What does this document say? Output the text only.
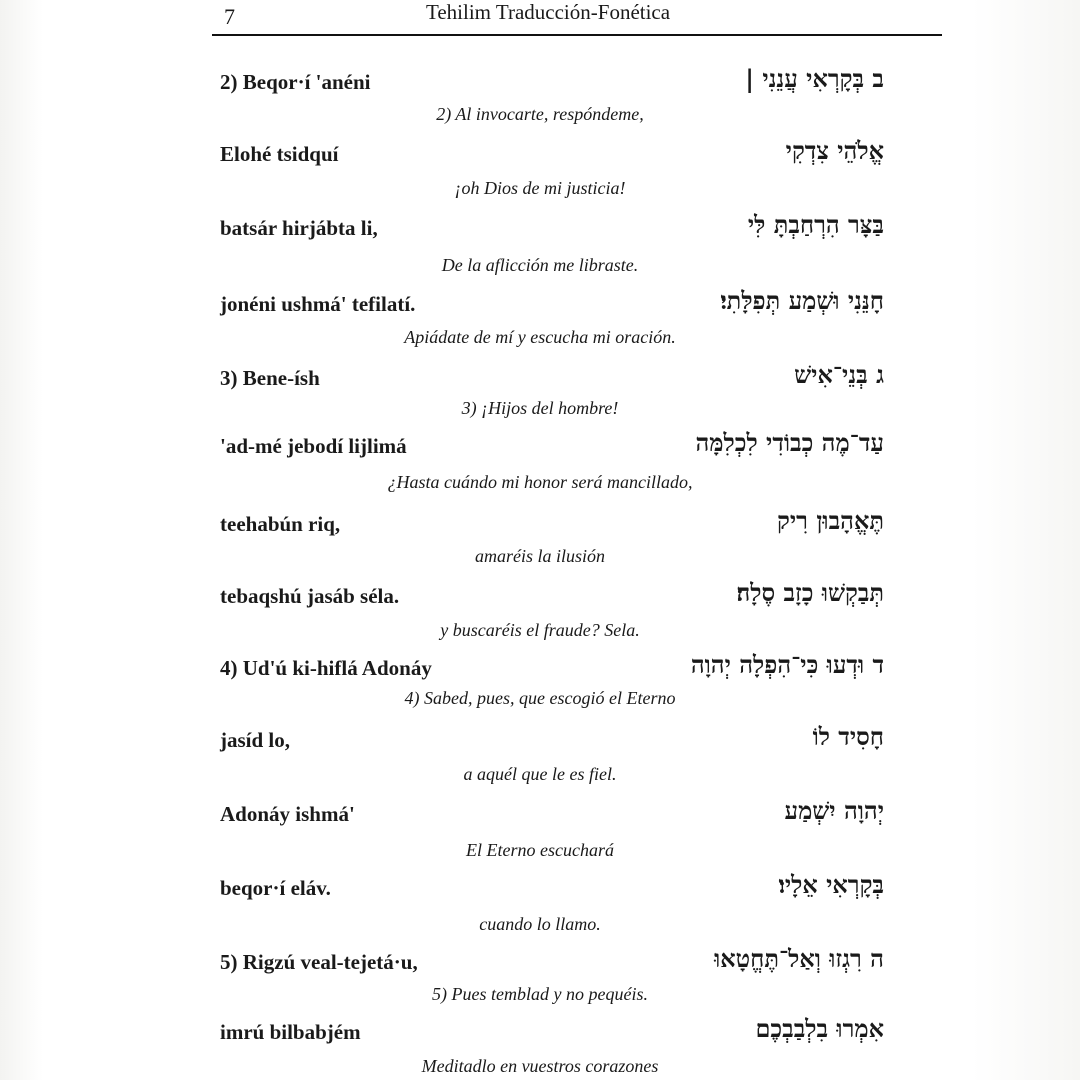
7	Tehilim Traducción-Fonética
2) Beqor·í 'anéni	ב בְּקָרְאִי עֲנֵנִי |
2) Al invocarte, respóndeme,
Elohé tsidquí	אֱלֹהֵי צִדְקִי
¡oh Dios de mi justicia!
batsár hirjábta li,	בַּצָּר הִרְחַבְתָּ לִּי
De la aflicción me libraste.
jonéni ushmá' tefilatí.	חָנֵּנִי וּשְׁמַע תְּפִלָּתִי׃
Apiádate de mí y escucha mi oración.
3) Bene-ísh	ג בְּנֵי־אִישׁ
3) ¡Hijos del hombre!
'ad-mé jebodí lijlimá	עַד־מֶה כְבוֹדִי לִכְלִמָּה
¿Hasta cuándo mi honor será mancillado,
teehabún riq,	תֶּאֱהָבוּן רִיק
amaréis la ilusión
tebaqshú jasáb séla.	תְּבַקְשׁוּ כָזָב סֶלָה׃
y buscaréis el fraude? Sela.
4) Ud'ú ki-hiflá Adonáy	ד וּדְעוּ כִּי־הִפְלָה יְהוָה
4) Sabed, pues, que escogió el Eterno
jasíd lo,	חָסִיד לוֹ
a aquél que le es fiel.
Adonáy ishmá'	יְהוָה יִשְׁמַע
El Eterno escuchará
beqor·í eláv.	בְּקָרְאִי אֵלָיו׃
cuando lo llamo.
5) Rigzú veal-tejetá·u,	ה רִגְזוּ וְאַל־תֶּחֱטָאוּ
5) Pues temblad y no pequéis.
imrú bilbabjém	אִמְרוּ בִלְבַבְכֶם
Meditadlo en vuestros corazones
